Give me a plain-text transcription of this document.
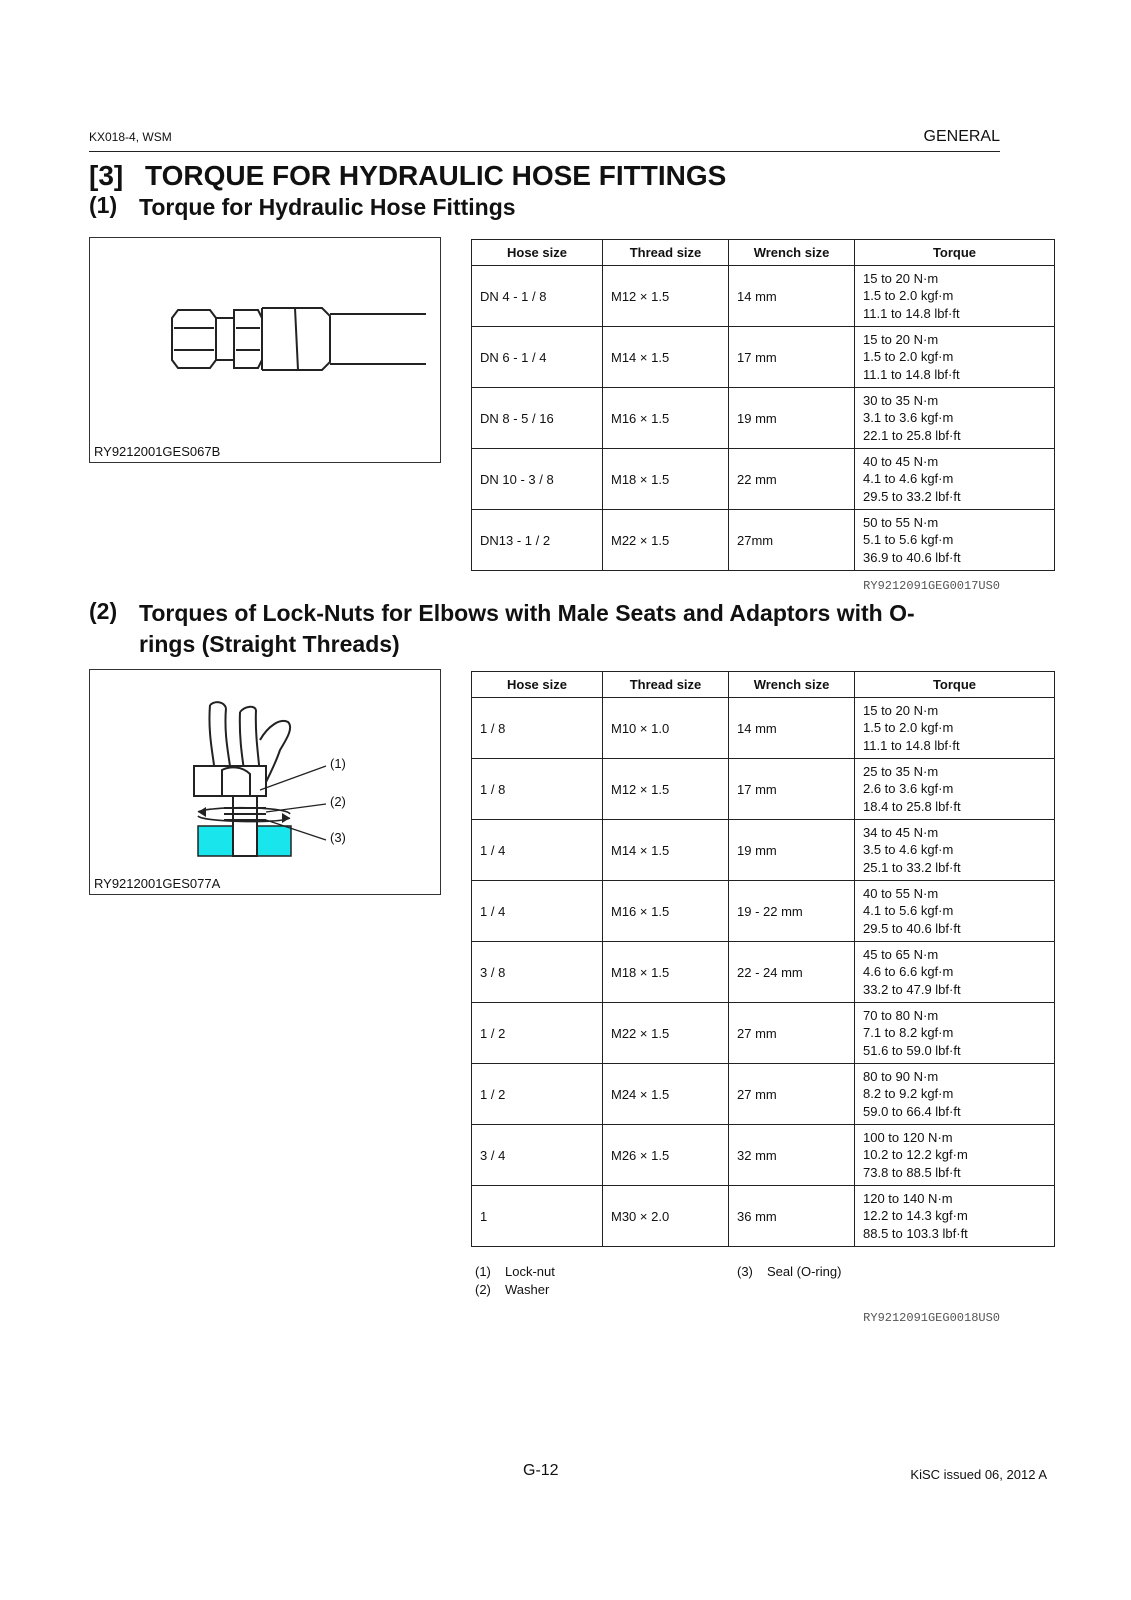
KX018-4, WSM	GENERAL
[3] TORQUE FOR HYDRAULIC HOSE FITTINGS
(1) Torque for Hydraulic Hose Fittings
RY9212001GES067B
Hose size	Thread size	Wrench size	Torque
DN 4 - 1 / 8	M12 × 1.5	14 mm	15 to 20 N·m
1.5 to 2.0 kgf·m
11.1 to 14.8 lbf·ft

DN 6 - 1 / 4	M14 × 1.5	17 mm	15 to 20 N·m
1.5 to 2.0 kgf·m
11.1 to 14.8 lbf·ft

DN 8 - 5 / 16	M16 × 1.5	19 mm	30 to 35 N·m
3.1 to 3.6 kgf·m
22.1 to 25.8 lbf·ft

DN 10 - 3 / 8	M18 × 1.5	22 mm	40 to 45 N·m
4.1 to 4.6 kgf·m
29.5 to 33.2 lbf·ft

DN13 - 1 / 2	M22 × 1.5	27mm	50 to 55 N·m
5.1 to 5.6 kgf·m
36.9 to 40.6 lbf·ft
RY9212091GEG0017US0
(2) Torques of Lock-Nuts for Elbows with Male Seats and Adaptors with O-rings (Straight Threads)
(1)
(2)
(3)
RY9212001GES077A
Hose size	Thread size	Wrench size	Torque
1 / 8	M10 × 1.0	14 mm	15 to 20 N·m
1.5 to 2.0 kgf·m
11.1 to 14.8 lbf·ft

1 / 8	M12 × 1.5	17 mm	25 to 35 N·m
2.6 to 3.6 kgf·m
18.4 to 25.8 lbf·ft

1 / 4	M14 × 1.5	19 mm	34 to 45 N·m
3.5 to 4.6 kgf·m
25.1 to 33.2 lbf·ft

1 / 4	M16 × 1.5	19 - 22 mm	40 to 55 N·m
4.1 to 5.6 kgf·m
29.5 to 40.6 lbf·ft

3 / 8	M18 × 1.5	22 - 24 mm	45 to 65 N·m
4.6 to 6.6 kgf·m
33.2 to 47.9 lbf·ft

1 / 2	M22 × 1.5	27 mm	70 to 80 N·m
7.1 to 8.2 kgf·m
51.6 to 59.0 lbf·ft

1 / 2	M24 × 1.5	27 mm	80 to 90 N·m
8.2 to 9.2 kgf·m
59.0 to 66.4 lbf·ft

3 / 4	M26 × 1.5	32 mm	100 to 120 N·m
10.2 to 12.2 kgf·m
73.8 to 88.5 lbf·ft

1	M30 × 2.0	36 mm	120 to 140 N·m
12.2 to 14.3 kgf·m
88.5 to 103.3 lbf·ft
(1) Lock-nut
(2) Washer
(3) Seal (O-ring)
RY9212091GEG0018US0
G-12	KiSC issued 06, 2012 A
